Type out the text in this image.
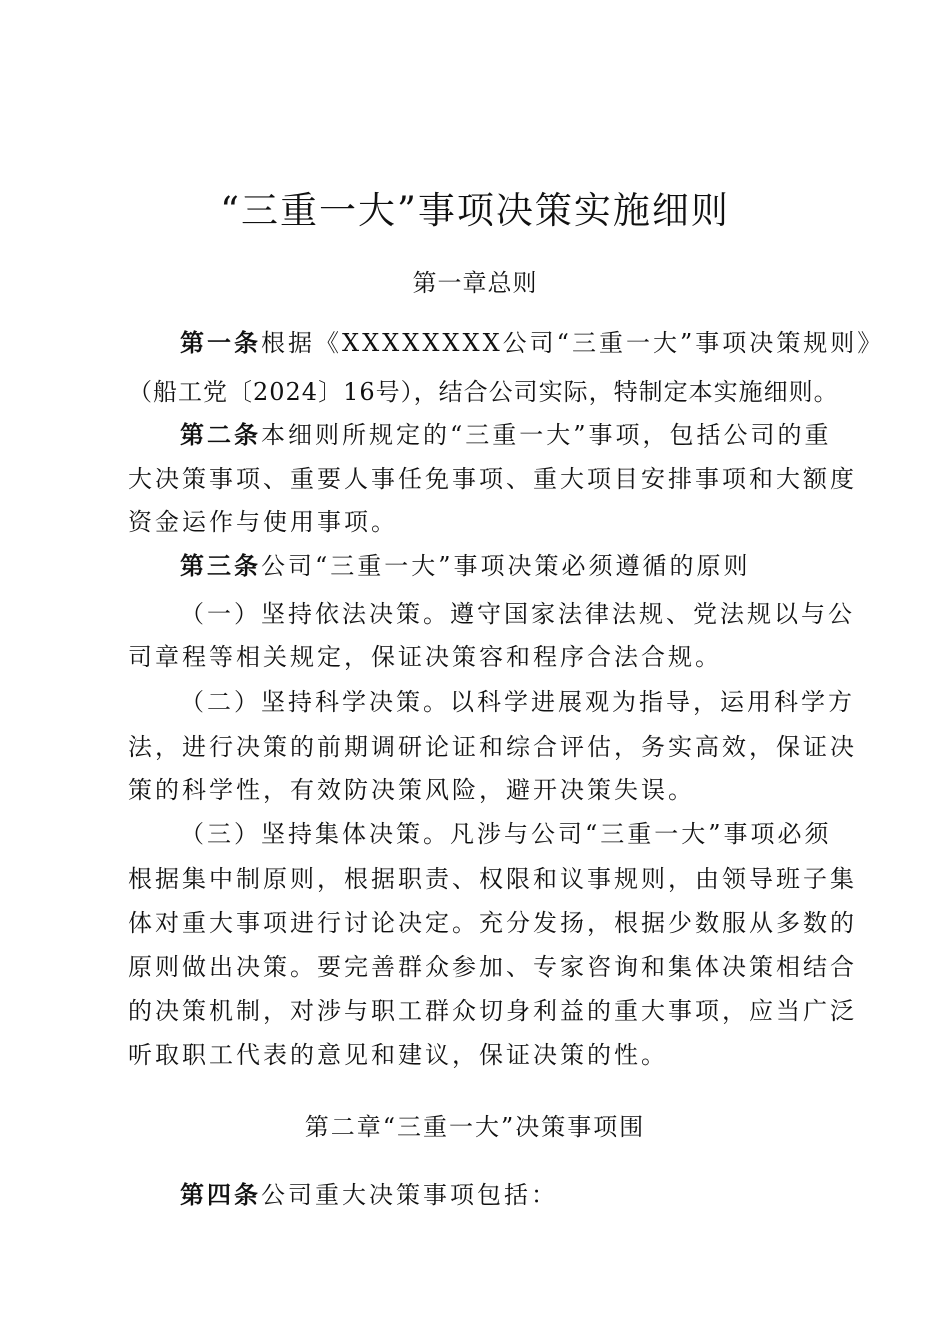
“三重一大”事项决策实施细则
第一章总则
第一条根据《XXXXXXXX公司“三重一大”事项决策规则》
（船工党〔2024〕16号），结合公司实际，特制定本实施细则。
第二条本细则所规定的“三重一大”事项，包括公司的重
大决策事项、重要人事任免事项、重大项目安排事项和大额度
资金运作与使用事项。
第三条公司“三重一大”事项决策必须遵循的原则
（一）坚持依法决策。遵守国家法律法规、党法规以与公
司章程等相关规定，保证决策容和程序合法合规。
（二）坚持科学决策。以科学进展观为指导，运用科学方
法，进行决策的前期调研论证和综合评估，务实高效，保证决
策的科学性，有效防决策风险，避开决策失误。
（三）坚持集体决策。凡涉与公司“三重一大”事项必须
根据集中制原则，根据职责、权限和议事规则，由领导班子集
体对重大事项进行讨论决定。充分发扬，根据少数服从多数的
原则做出决策。要完善群众参加、专家咨询和集体决策相结合
的决策机制，对涉与职工群众切身利益的重大事项，应当广泛
听取职工代表的意见和建议，保证决策的性。
第二章“三重一大”决策事项围
第四条公司重大决策事项包括：
